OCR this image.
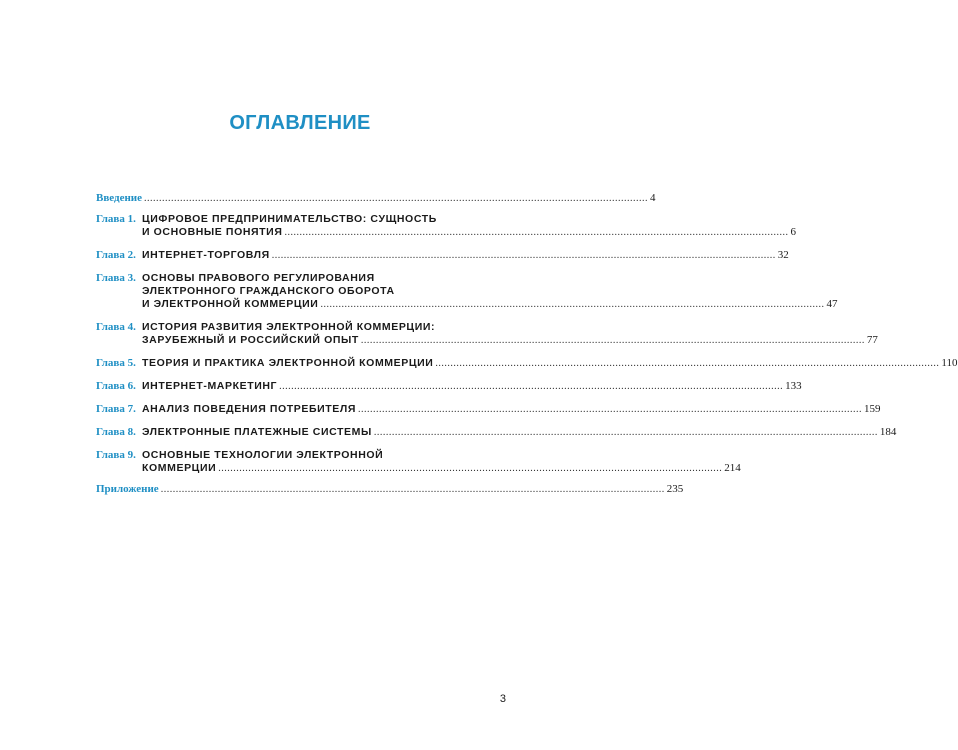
ОГЛАВЛЕНИЕ
Введение ........................................................................................................................................................................ 4
Глава 1. ЦИФРОВОЕ ПРЕДПРИНИМАТЕЛЬСТВО: СУЩНОСТЬ
И ОСНОВНЫЕ ПОНЯТИЯ ........................................................................................................................................................................ 6
Глава 2. ИНТЕРНЕТ-ТОРГОВЛЯ ........................................................................................................................................................................ 32
Глава 3. ОСНОВЫ ПРАВОВОГО РЕГУЛИРОВАНИЯ
ЭЛЕКТРОННОГО ГРАЖДАНСКОГО ОБОРОТА
И ЭЛЕКТРОННОЙ КОММЕРЦИИ ........................................................................................................................................................................ 47
Глава 4. ИСТОРИЯ РАЗВИТИЯ ЭЛЕКТРОННОЙ КОММЕРЦИИ:
ЗАРУБЕЖНЫЙ И РОССИЙСКИЙ ОПЫТ ........................................................................................................................................................................ 77
Глава 5. ТЕОРИЯ И ПРАКТИКА ЭЛЕКТРОННОЙ КОММЕРЦИИ ........................................................................................................................................................................ 110
Глава 6. ИНТЕРНЕТ-МАРКЕТИНГ ........................................................................................................................................................................ 133
Глава 7. АНАЛИЗ ПОВЕДЕНИЯ ПОТРЕБИТЕЛЯ ........................................................................................................................................................................ 159
Глава 8. ЭЛЕКТРОННЫЕ ПЛАТЕЖНЫЕ СИСТЕМЫ ........................................................................................................................................................................ 184
Глава 9. ОСНОВНЫЕ ТЕХНОЛОГИИ ЭЛЕКТРОННОЙ
КОММЕРЦИИ ........................................................................................................................................................................ 214
Приложение ........................................................................................................................................................................ 235
3
